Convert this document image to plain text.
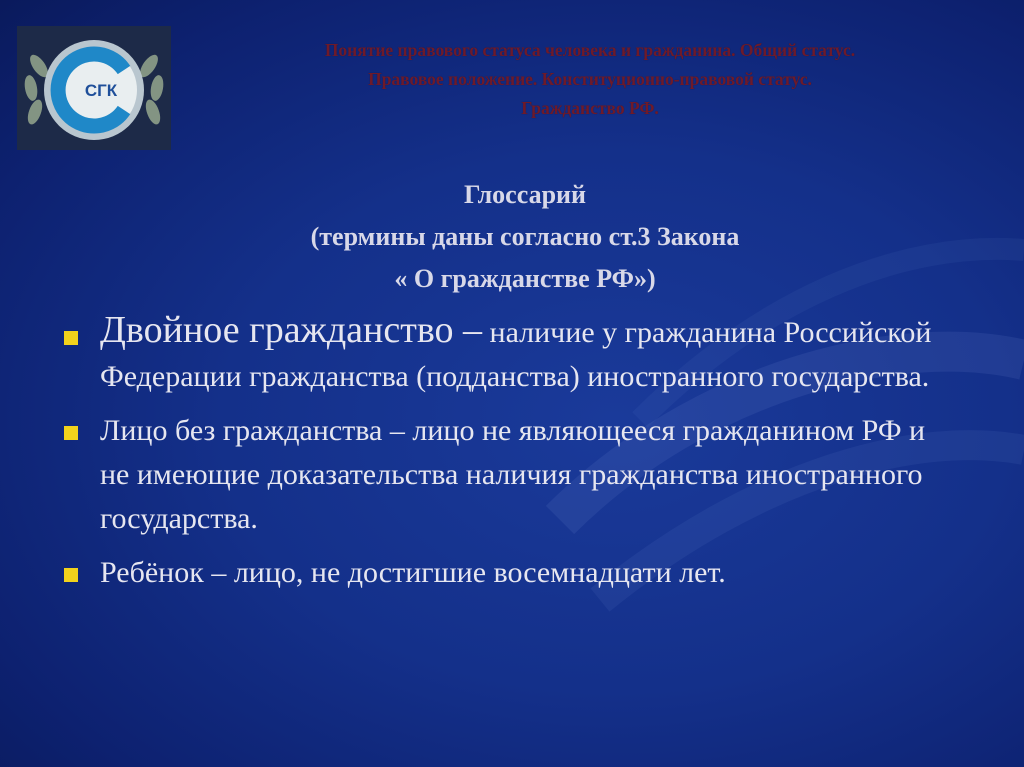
СГК
Понятие правового статуса человека и гражданина. Общий статус.
Правовое положение. Конституционно-правовой статус.
Гражданство РФ.
Глоссарий
(термины даны согласно ст.3 Закона
« О гражданстве РФ»)
Двойное гражданство – наличие у гражданина Российской Федерации гражданства (подданства) иностранного государства.
Лицо без гражданства – лицо не являющееся гражданином РФ и не имеющие доказательства наличия гражданства иностранного государства.
Ребёнок – лицо, не достигшие восемнадцати лет.
